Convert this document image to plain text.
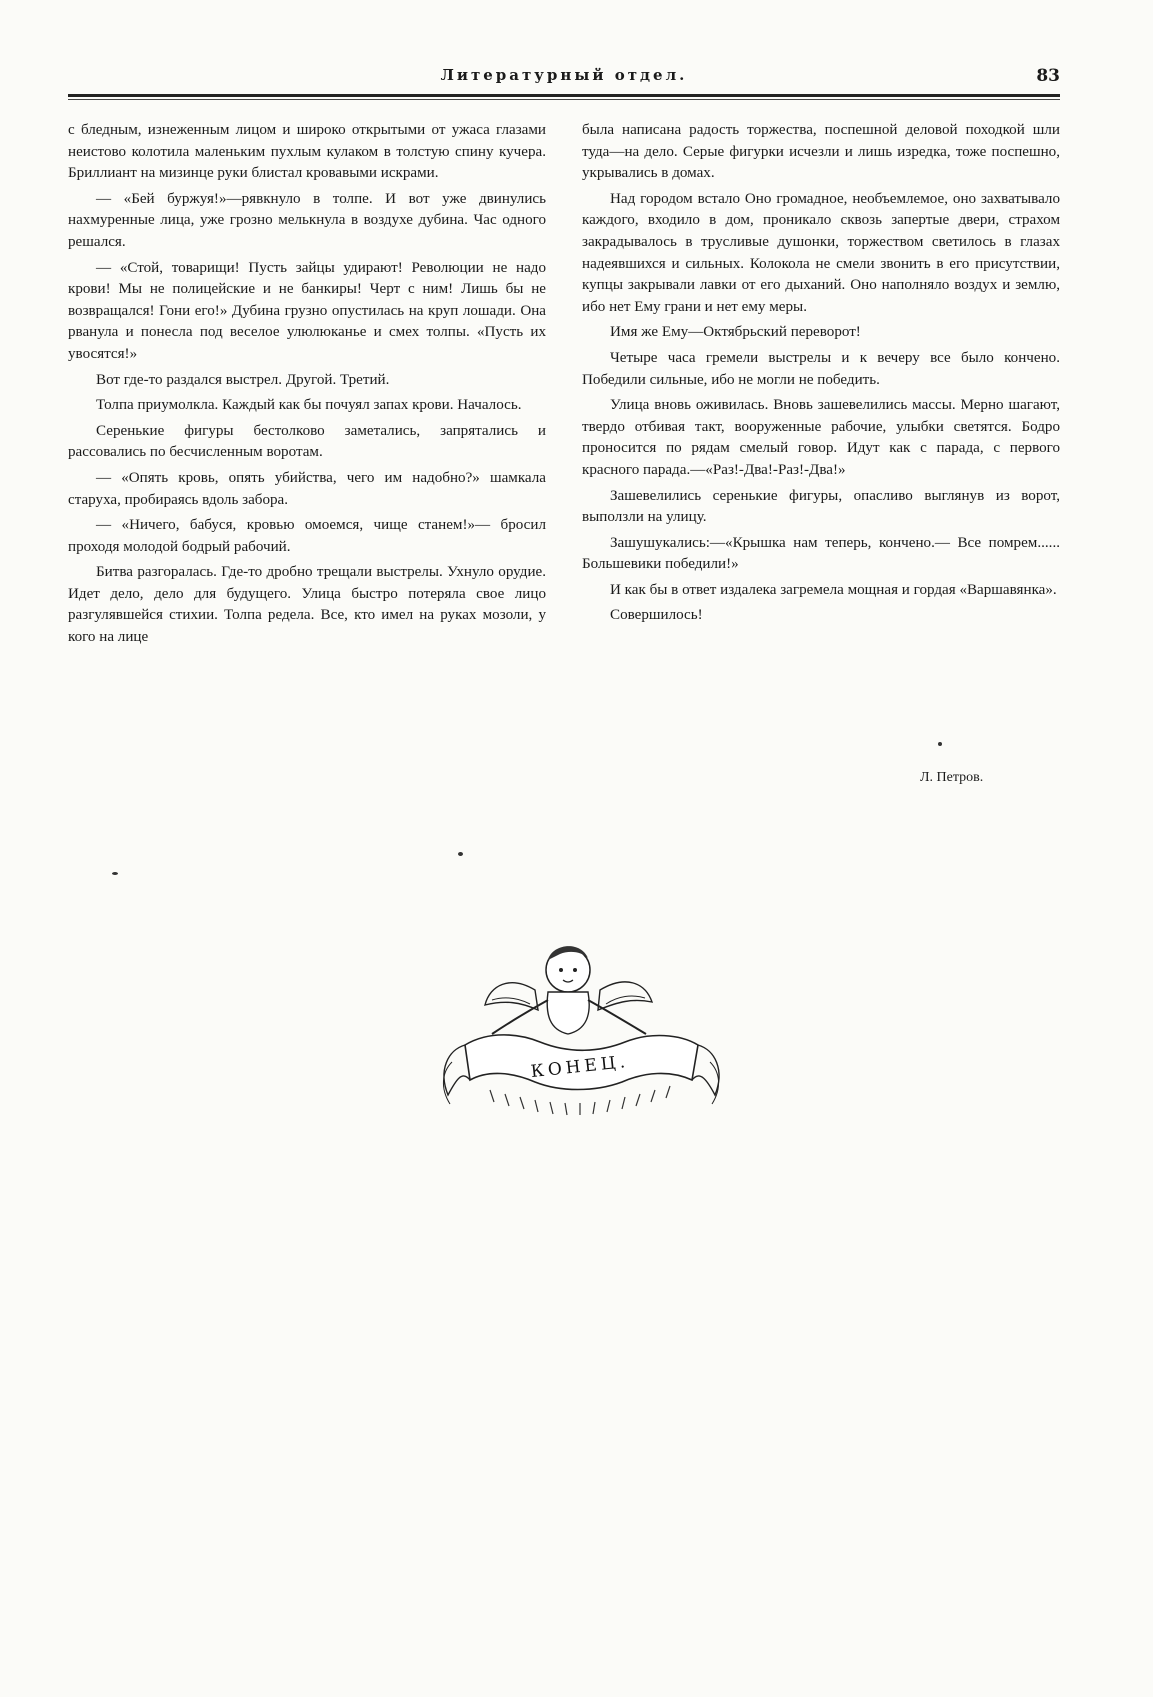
Литературный отдел.	83

с бледным, изнеженным лицом и широко открытыми от ужаса глазами неистово колотила маленьким пухлым кулаком в толстую спину кучера. Бриллиант на мизинце руки блистал кровавыми искрами.

— «Бей буржуя!»—рявкнуло в толпе. И вот уже двинулись нахмуренные лица, уже грозно мелькнула в воздухе дубина. Час одного решался.

— «Стой, товарищи! Пусть зайцы удирают! Революции не надо крови! Мы не полицейские и не банкиры! Черт с ним! Лишь бы не возвращался! Гони его!» Дубина грузно опустилась на круп лошади. Она рванула и понесла под веселое улюлюканье и смех толпы. «Пусть их увосятся!»

Вот где-то раздался выстрел. Другой. Третий.

Толпа приумолкла. Каждый как бы почуял запах крови. Началось.

Серенькие фигуры бестолково заметались, запрятались и рассовались по бесчисленным воротам.

— «Опять кровь, опять убийства, чего им надобно?» шамкала старуха, пробираясь вдоль забора.

— «Ничего, бабуся, кровью омоемся, чище станем!»— бросил проходя молодой бодрый рабочий.

Битва разгоралась. Где-то дробно трещали выстрелы. Ухнуло орудие. Идет дело, дело для будущего. Улица быстро потеряла свое лицо разгулявшейся стихии. Толпа редела. Все, кто имел на руках мозоли, у кого на лице

была написана радость торжества, поспешной деловой походкой шли туда—на дело. Серые фигурки исчезли и лишь изредка, тоже поспешно, укрывались в домах.

Над городом встало Оно громадное, необъемлемое, оно захватывало каждого, входило в дом, проникало сквозь запертые двери, страхом закрадывалось в трусливые душонки, торжеством светилось в глазах надеявшихся и сильных. Колокола не смели звонить в его присутствии, купцы закрывали лавки от его дыханий. Оно наполняло воздух и землю, ибо нет Ему грани и нет ему меры.

Имя же Ему—Октябрьский переворот!

Четыре часа гремели выстрелы и к вечеру все было кончено. Победили сильные, ибо не могли не победить.

Улица вновь оживилась. Вновь зашевелились массы. Мерно шагают, твердо отбивая такт, вооруженные рабочие, улыбки светятся. Бодро проносится по рядам смелый говор. Идут как с парада, с первого красного парада.—«Раз!-Два!-Раз!-Два!»

Зашевелились серенькие фигуры, опасливо выглянув из ворот, выползли на улицу.

Зашушукались:—«Крышка нам теперь, кончено.— Все помрем...... Большевики победили!»

И как бы в ответ издалека загремела мощная и гордая «Варшавянка».

Совершилось!

Л. Петров.
КОНЕЦ.
